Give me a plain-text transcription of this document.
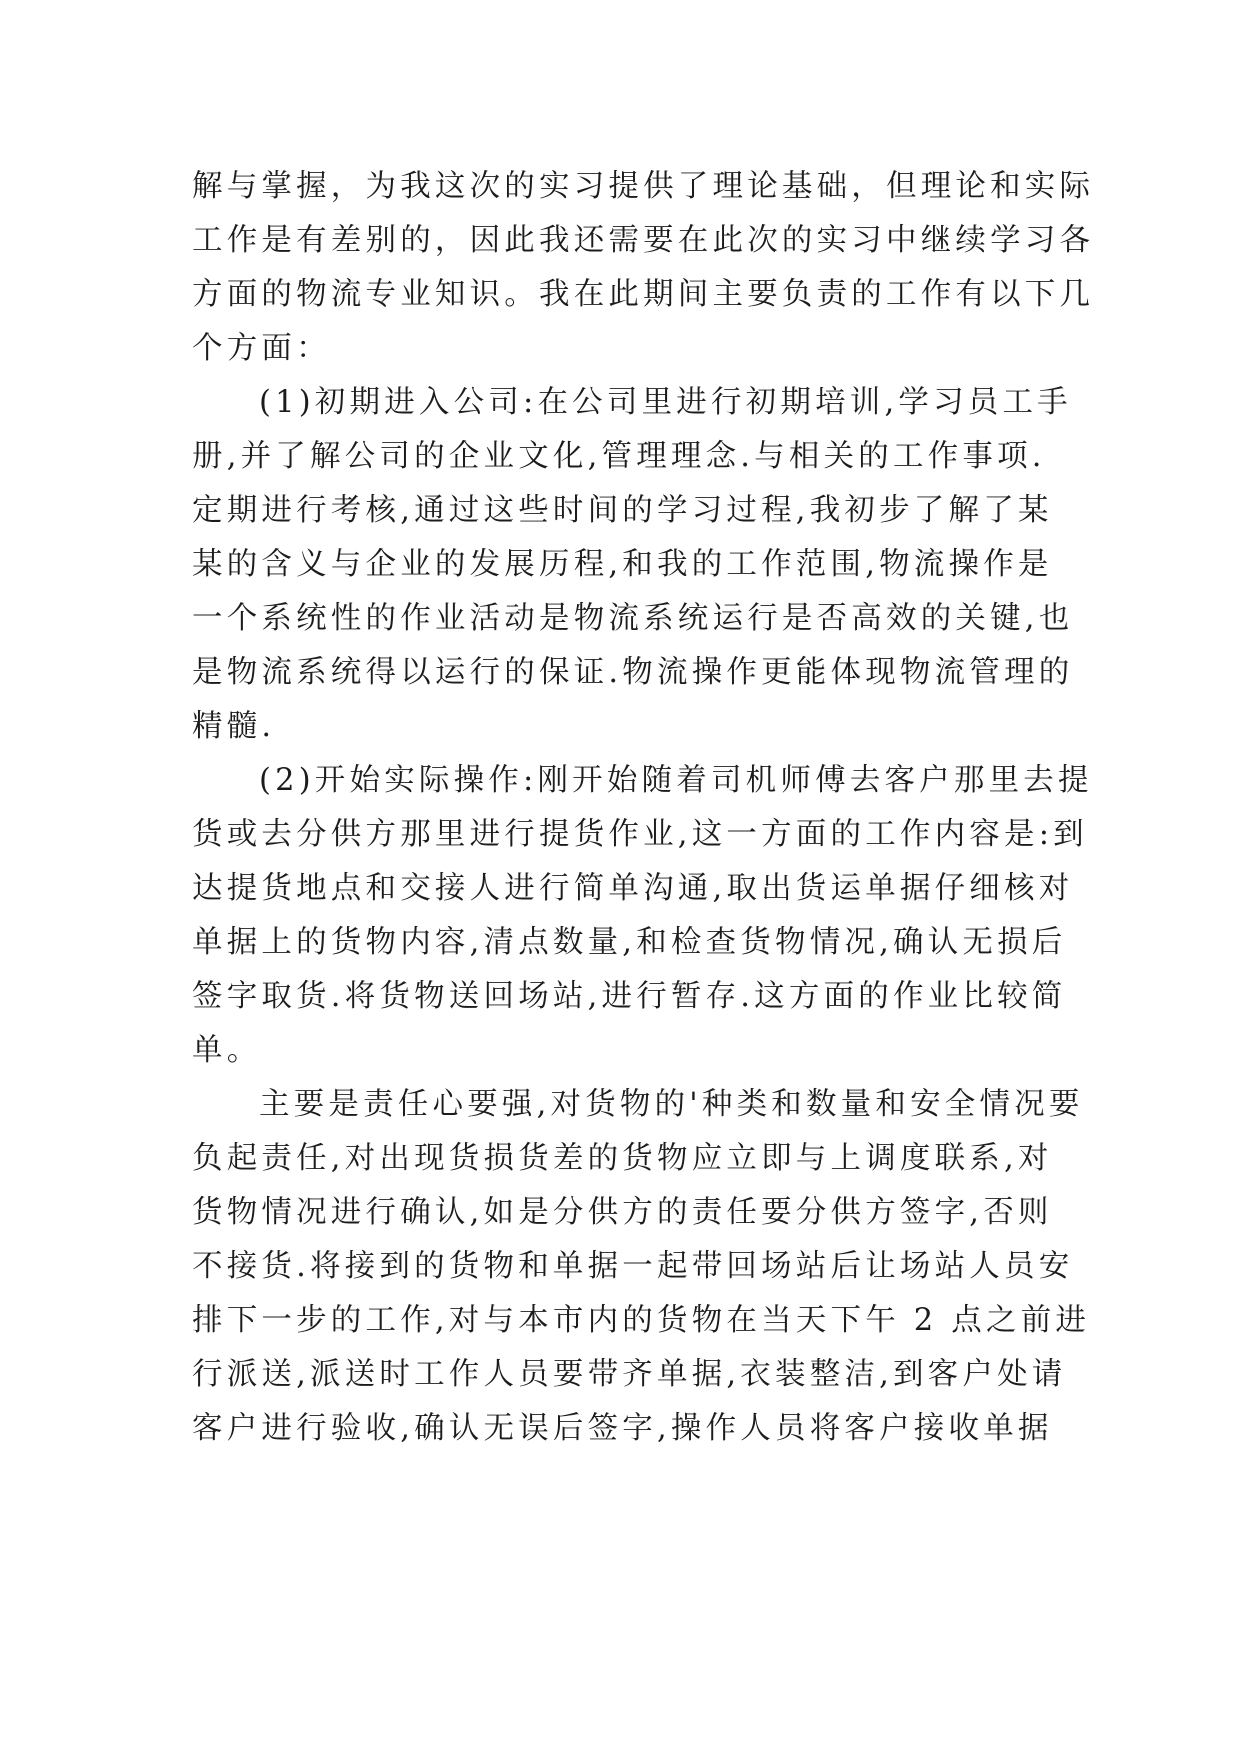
解与掌握，为我这次的实习提供了理论基础，但理论和实际
工作是有差别的，因此我还需要在此次的实习中继续学习各
方面的物流专业知识。我在此期间主要负责的工作有以下几
个方面：
(1)初期进入公司:在公司里进行初期培训,学习员工手
册,并了解公司的企业文化,管理理念.与相关的工作事项.
定期进行考核,通过这些时间的学习过程,我初步了解了某
某的含义与企业的发展历程,和我的工作范围,物流操作是
一个系统性的作业活动是物流系统运行是否高效的关键,也
是物流系统得以运行的保证.物流操作更能体现物流管理的
精髓.
(2)开始实际操作:刚开始随着司机师傅去客户那里去提
货或去分供方那里进行提货作业,这一方面的工作内容是:到
达提货地点和交接人进行简单沟通,取出货运单据仔细核对
单据上的货物内容,清点数量,和检查货物情况,确认无损后
签字取货.将货物送回场站,进行暂存.这方面的作业比较简
单。
主要是责任心要强,对货物的'种类和数量和安全情况要
负起责任,对出现货损货差的货物应立即与上调度联系,对
货物情况进行确认,如是分供方的责任要分供方签字,否则
不接货.将接到的货物和单据一起带回场站后让场站人员安
排下一步的工作,对与本市内的货物在当天下午 2 点之前进
行派送,派送时工作人员要带齐单据,衣装整洁,到客户处请
客户进行验收,确认无误后签字,操作人员将客户接收单据
